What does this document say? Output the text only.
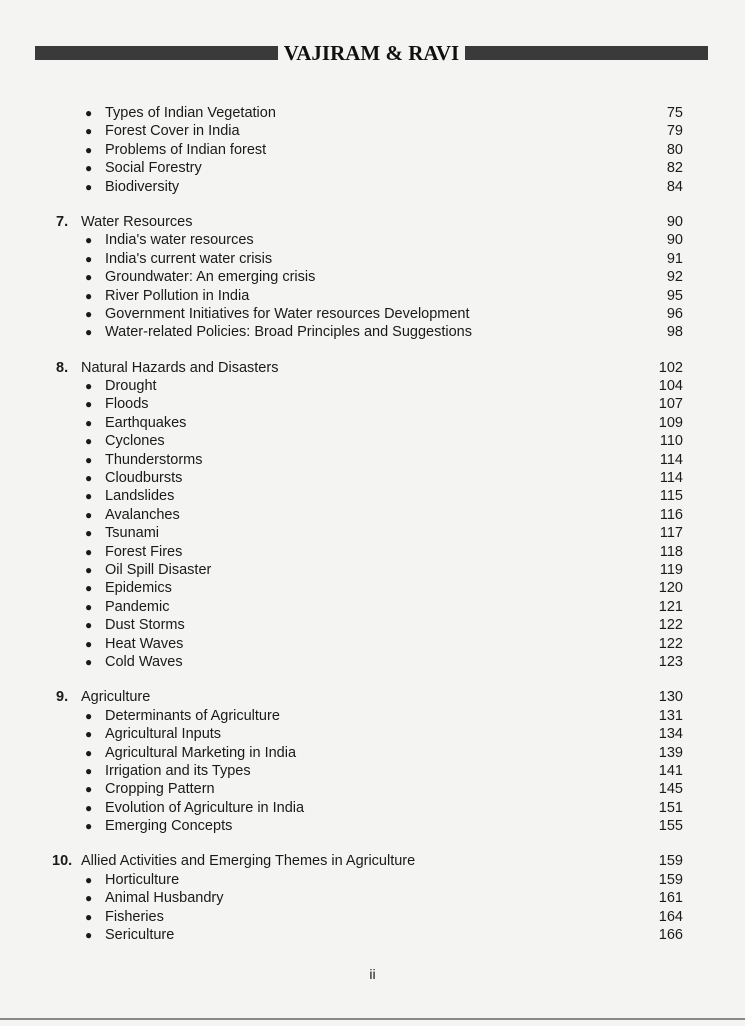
VAJIRAM & RAVI
● Types of Indian Vegetation	75
● Forest Cover in India	79
● Problems of Indian forest	80
● Social Forestry	82
● Biodiversity	84
7. Water Resources	90
● India's water resources	90
● India's current water crisis	91
● Groundwater: An emerging crisis	92
● River Pollution in India	95
● Government Initiatives for Water resources Development	96
● Water-related Policies: Broad Principles and Suggestions	98
8. Natural Hazards and Disasters	102
● Drought	104
● Floods	107
● Earthquakes	109
● Cyclones	110
● Thunderstorms	114
● Cloudbursts	114
● Landslides	115
● Avalanches	116
● Tsunami	117
● Forest Fires	118
● Oil Spill Disaster	119
● Epidemics	120
● Pandemic	121
● Dust Storms	122
● Heat Waves	122
● Cold Waves	123
9. Agriculture	130
● Determinants of Agriculture	131
● Agricultural Inputs	134
● Agricultural Marketing in India	139
● Irrigation and its Types	141
● Cropping Pattern	145
● Evolution of Agriculture in India	151
● Emerging Concepts	155
10. Allied Activities and Emerging Themes in Agriculture	159
● Horticulture	159
● Animal Husbandry	161
● Fisheries	164
● Sericulture	166
ii
